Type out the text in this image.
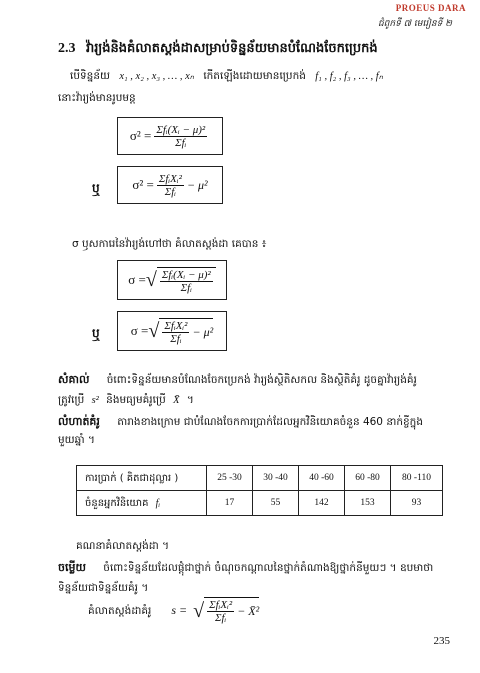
PROEUS DARA
ជំពូកទី ៧ មេរៀនទី ២
2.3 វ៉ារ្យង់និងគំលាតស្តង់ដាសម្រាប់ទិន្នន័យមានបំណែងចែកប្រេកង់
បើទិន្នន័យ x₁ , x₂ , x₃ , … , xₙ កើតឡើងដោយមានប្រេកង់ f₁ , f₂ , f₃ , … , fₙ
នោះវ៉ារ្យង់មានរូបមន្ត
$\sigma^2 = \frac{\text{Σfᵢ(Xᵢ − μ)²}}{\text{Σfᵢ}}$
ឬ	$\sigma^2 = \frac{\text{ΣfᵢXᵢ²}}{\text{Σfᵢ}} - \mu^2$
σ ឫសការេនៃវ៉ារ្យង់ហៅថា គំលាតស្តង់ដា គេបាន ៖
σ = √ $\frac{\text{Σfᵢ(Xᵢ − μ)²}}{\text{Σfᵢ}}$
ឬ σ = √ $\frac{\text{ΣfᵢXᵢ²}}{\text{Σfᵢ}} - \mu^2$
សំគាល់ ចំពោះទិន្នន័យមានបំណែងចែកប្រេកង់ វ៉ារ្យង់ស្ថិតិសកល និងស្ថិតិគំរូ ដូចគ្នាវ៉ារ្យង់គំរូ
ត្រូវប្រើ s² និងមធ្យមគំរូប្រើ X̄ ។
លំហាត់គំរូ តារាងខាងក្រោម ជាបំណែងចែកការប្រាក់ដែលអ្នកវិនិយោគចំនួន 460 នាក់ខ្ចីក្នុង
មួយឆ្នាំ ។
ការប្រាក់ ( គិតជាដុល្លារ )	25 -30	30 -40	40 -60	60 -80	80 -110
ចំនួនអ្នកវិនិយោគ fᵢ	17	55	142	153	93
គណនាគំលាតស្តង់ដា ។
ចម្លើយ ចំពោះទិន្នន័យដែលផ្តុំជាថ្នាក់ ចំណុចកណ្តាលនៃថ្នាក់តំណាងឱ្យថ្នាក់នីមួយៗ ។ ឧបមាថា
ទិន្នន័យជាទិន្នន័យគំរូ ។
គំលាតស្តង់ដាគំរូ s = √ $\frac{\text{ΣfᵢXᵢ²}}{\text{Σfᵢ}}$ − X̄²
235
